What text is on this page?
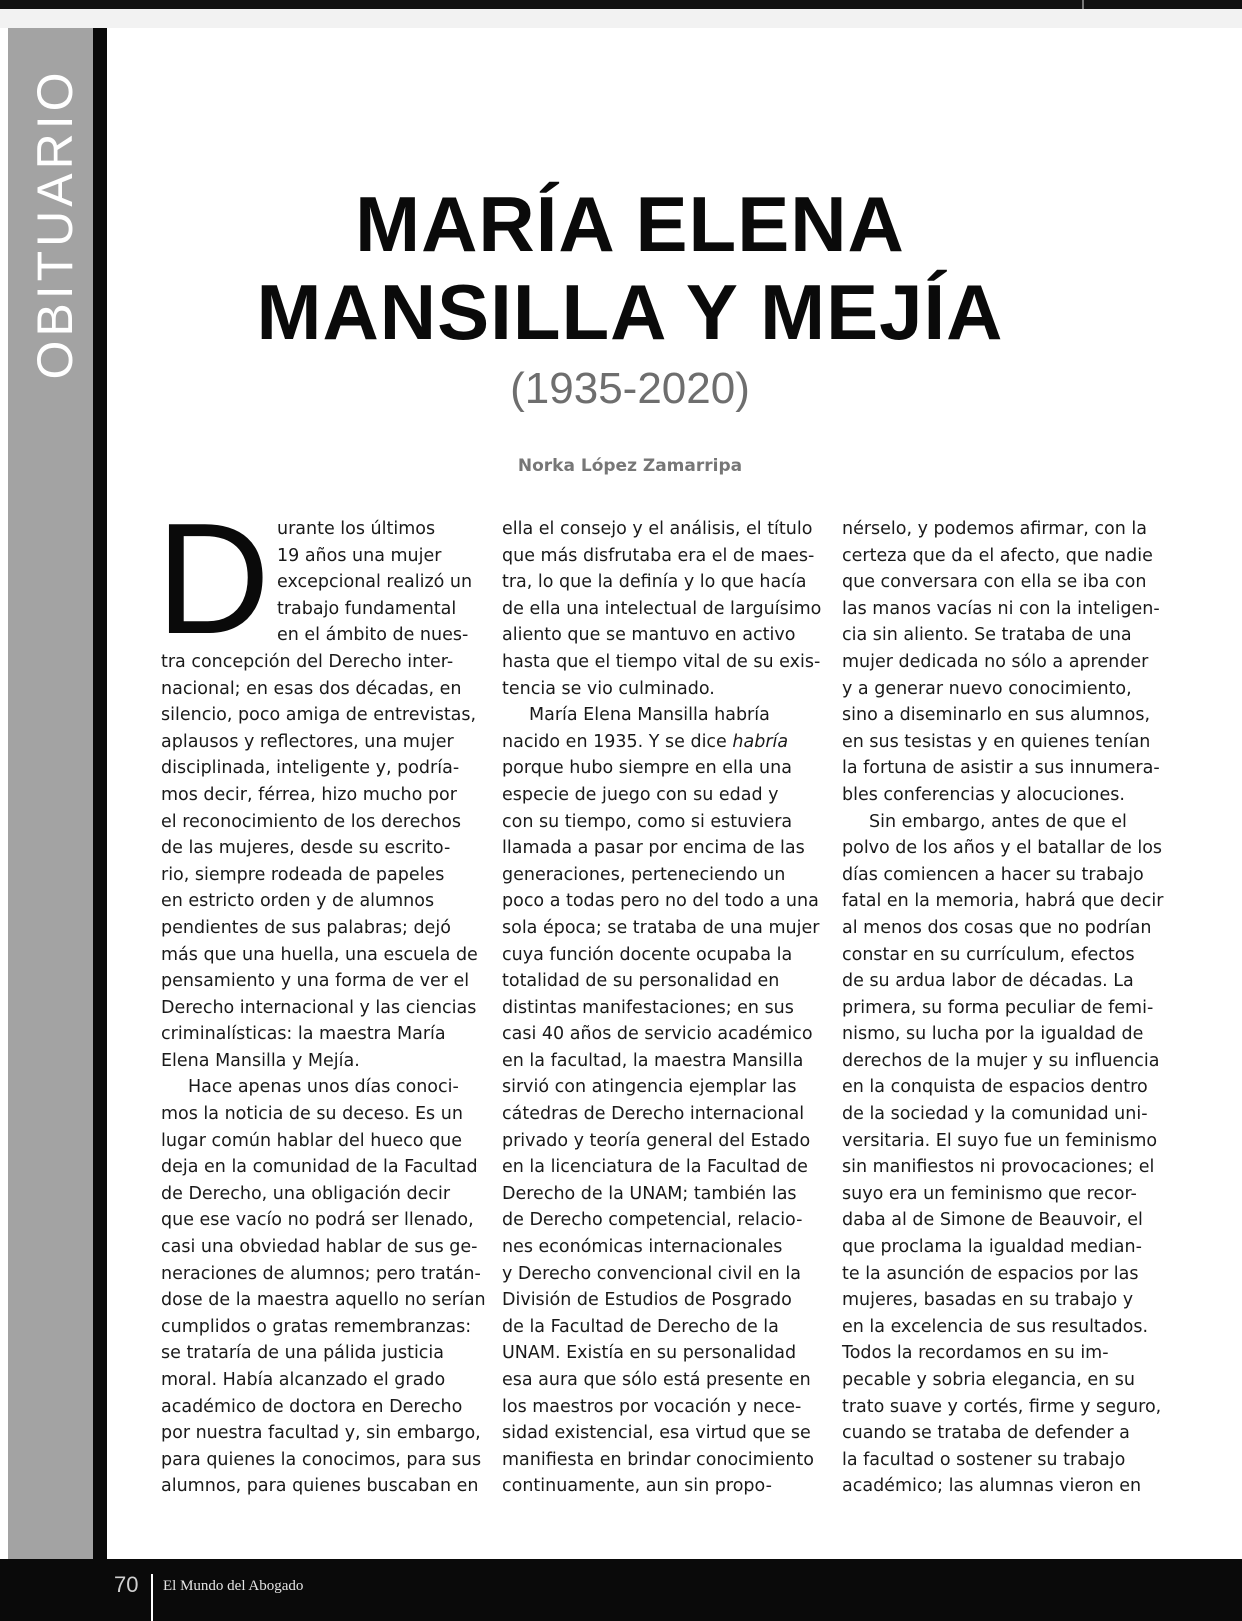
OBITUARIO	MARÍA ELENA
MANSILLA Y MEJÍA
(1935-2020)
Norka López Zamarripa
D urante los últimos
19 años una mujer
excepcional realizó un
trabajo fundamental
en el ámbito de nues-
tra concepción del Derecho inter-
nacional; en esas dos décadas, en
silencio, poco amiga de entrevistas,
aplausos y reflectores, una mujer
disciplinada, inteligente y, podría-
mos decir, férrea, hizo mucho por
el reconocimiento de los derechos
de las mujeres, desde su escrito-
rio, siempre rodeada de papeles
en estricto orden y de alumnos
pendientes de sus palabras; dejó
más que una huella, una escuela de
pensamiento y una forma de ver el
Derecho internacional y las ciencias
criminalísticas: la maestra María
Elena Mansilla y Mejía.
Hace apenas unos días conoci-
mos la noticia de su deceso. Es un
lugar común hablar del hueco que
deja en la comunidad de la Facultad
de Derecho, una obligación decir
que ese vacío no podrá ser llenado,
casi una obviedad hablar de sus ge-
neraciones de alumnos; pero tratán-
dose de la maestra aquello no serían
cumplidos o gratas remembranzas:
se trataría de una pálida justicia
moral. Había alcanzado el grado
académico de doctora en Derecho
por nuestra facultad y, sin embargo,
para quienes la conocimos, para sus
alumnos, para quienes buscaban en
ella el consejo y el análisis, el título
que más disfrutaba era el de maes-
tra, lo que la definía y lo que hacía
de ella una intelectual de larguísimo
aliento que se mantuvo en activo
hasta que el tiempo vital de su exis-
tencia se vio culminado.
María Elena Mansilla habría
nacido en 1935. Y se dice habría
porque hubo siempre en ella una
especie de juego con su edad y
con su tiempo, como si estuviera
llamada a pasar por encima de las
generaciones, perteneciendo un
poco a todas pero no del todo a una
sola época; se trataba de una mujer
cuya función docente ocupaba la
totalidad de su personalidad en
distintas manifestaciones; en sus
casi 40 años de servicio académico
en la facultad, la maestra Mansilla
sirvió con atingencia ejemplar las
cátedras de Derecho internacional
privado y teoría general del Estado
en la licenciatura de la Facultad de
Derecho de la UNAM; también las
de Derecho competencial, relacio-
nes económicas internacionales
y Derecho convencional civil en la
División de Estudios de Posgrado
de la Facultad de Derecho de la
UNAM. Existía en su personalidad
esa aura que sólo está presente en
los maestros por vocación y nece-
sidad existencial, esa virtud que se
manifiesta en brindar conocimiento
continuamente, aun sin propo-
nérselo, y podemos afirmar, con la
certeza que da el afecto, que nadie
que conversara con ella se iba con
las manos vacías ni con la inteligen-
cia sin aliento. Se trataba de una
mujer dedicada no sólo a aprender
y a generar nuevo conocimiento,
sino a diseminarlo en sus alumnos,
en sus tesistas y en quienes tenían
la fortuna de asistir a sus innumera-
bles conferencias y alocuciones.
Sin embargo, antes de que el
polvo de los años y el batallar de los
días comiencen a hacer su trabajo
fatal en la memoria, habrá que decir
al menos dos cosas que no podrían
constar en su currículum, efectos
de su ardua labor de décadas. La
primera, su forma peculiar de femi-
nismo, su lucha por la igualdad de
derechos de la mujer y su influencia
en la conquista de espacios dentro
de la sociedad y la comunidad uni-
versitaria. El suyo fue un feminismo
sin manifiestos ni provocaciones; el
suyo era un feminismo que recor-
daba al de Simone de Beauvoir, el
que proclama la igualdad median-
te la asunción de espacios por las
mujeres, basadas en su trabajo y
en la excelencia de sus resultados.
Todos la recordamos en su im-
pecable y sobria elegancia, en su
trato suave y cortés, firme y seguro,
cuando se trataba de defender a
la facultad o sostener su trabajo
académico; las alumnas vieron en
70 El Mundo del Abogado
